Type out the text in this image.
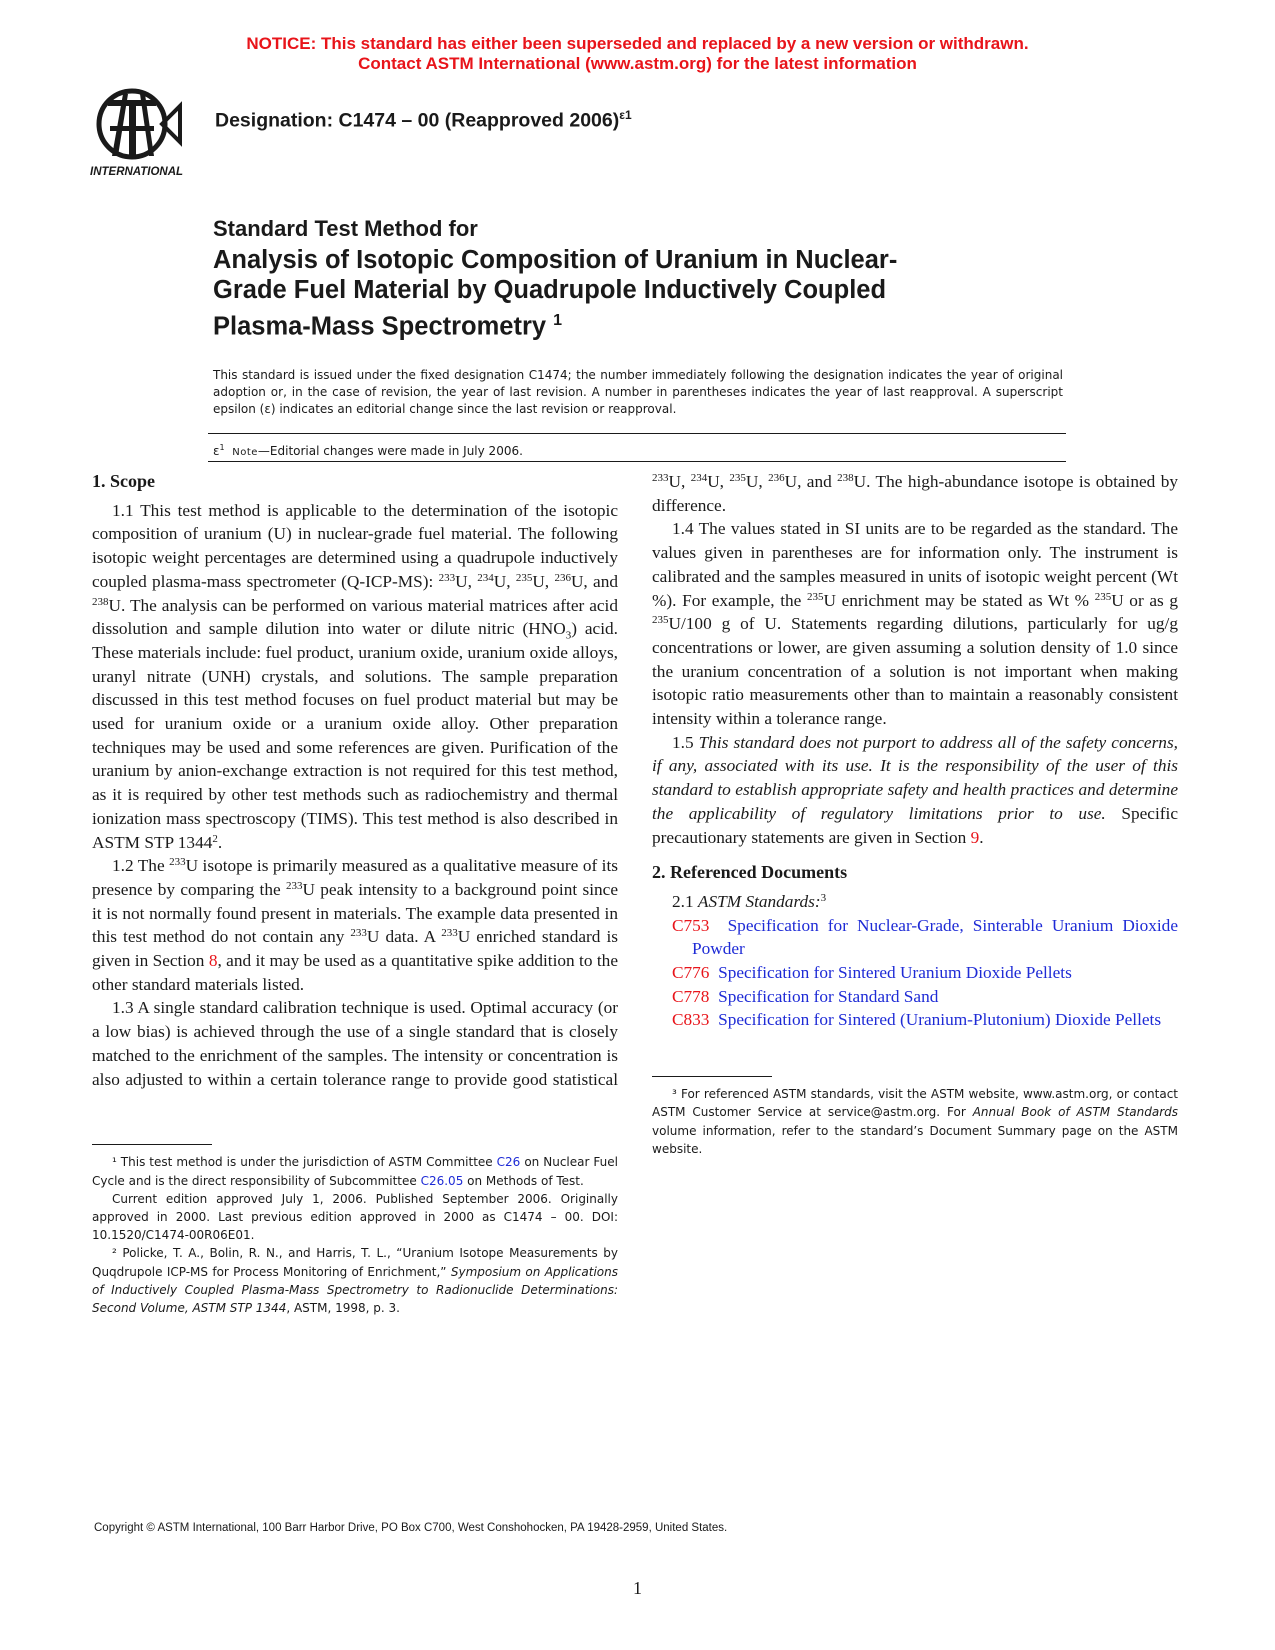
NOTICE: This standard has either been superseded and replaced by a new version or withdrawn.
Contact ASTM International (www.astm.org) for the latest information
INTERNATIONAL
Designation: C1474 – 00 (Reapproved 2006)$^{\varepsilon 1}$
Standard Test Method for
Analysis of Isotopic Composition of Uranium in Nuclear-
Grade Fuel Material by Quadrupole Inductively Coupled
Plasma-Mass Spectrometry $^1$
This standard is issued under the fixed designation C1474; the number immediately following the designation indicates the year of original adoption or, in the case of revision, the year of last revision. A number in parentheses indicates the year of last reapproval. A superscript epsilon (ε) indicates an editorial change since the last revision or reapproval.
$\varepsilon^1$ Note—Editorial changes were made in July 2006.

1. Scope

1.1 This test method is applicable to the determination of the isotopic composition of uranium (U) in nuclear-grade fuel material. The following isotopic weight percentages are determined using a quadrupole inductively coupled plasma-mass spectrometer (Q-ICP-MS): $^{233}$U, $^{234}$U, $^{235}$U, $^{236}$U, and $^{238}$U. The analysis can be performed on various material matrices after acid dissolution and sample dilution into water or dilute nitric $(HNO_3)$ acid. These materials include: fuel product, uranium oxide, uranium oxide alloys, uranyl nitrate (UNH) crystals, and solutions. The sample preparation discussed in this test method focuses on fuel product material but may be used for uranium oxide or a uranium oxide alloy. Other preparation techniques may be used and some references are given. Purification of the uranium by anion-exchange extraction is not required for this test method, as it is required by other test methods such as radiochemistry and thermal ionization mass spectroscopy (TIMS). This test method is also described in ASTM STP 1344$^2$.

1.2 The $^{233}$U isotope is primarily measured as a qualitative measure of its presence by comparing the $^{233}$U peak intensity to a background point since it is not normally found present in materials. The example data presented in this test method do not contain any $^{233}$U data. A $^{233}$U enriched standard is given in Section 8, and it may be used as a quantitative spike addition to the other standard materials listed.

1.3 A single standard calibration technique is used. Optimal accuracy (or a low bias) is achieved through the use of a single standard that is closely matched to the enrichment of the samples. The intensity or concentration is also adjusted to within a certain tolerance range to provide good statistical

¹ This test method is under the jurisdiction of ASTM Committee C26 on Nuclear Fuel Cycle and is the direct responsibility of Subcommittee C26.05 on Methods of Test.

Current edition approved July 1, 2006. Published September 2006. Originally approved in 2000. Last previous edition approved in 2000 as C1474 – 00. DOI: 10.1520/C1474-00R06E01.

² Policke, T. A., Bolin, R. N., and Harris, T. L., “Uranium Isotope Measurements by Quqdrupole ICP-MS for Process Monitoring of Enrichment,” Symposium on Applications of Inductively Coupled Plasma-Mass Spectrometry to Radionuclide Determinations: Second Volume, ASTM STP 1344, ASTM, 1998, p. 3.

$^{233}$U, $^{234}$U, $^{235}$U, $^{236}$U, and $^{238}$U. The high-abundance isotope is obtained by difference.

1.4 The values stated in SI units are to be regarded as the standard. The values given in parentheses are for information only. The instrument is calibrated and the samples measured in units of isotopic weight percent (Wt %). For example, the $^{235}$U enrichment may be stated as Wt % $^{235}$U or as g $^{235}$U/100 g of U. Statements regarding dilutions, particularly for ug/g concentrations or lower, are given assuming a solution density of 1.0 since the uranium concentration of a solution is not important when making isotopic ratio measurements other than to maintain a reasonably consistent intensity within a tolerance range.

1.5 This standard does not purport to address all of the safety concerns, if any, associated with its use. It is the responsibility of the user of this standard to establish appropriate safety and health practices and determine the applicability of regulatory limitations prior to use. Specific precautionary statements are given in Section 9.

2. Referenced Documents

2.1 ASTM Standards:$^3$

C753  Specification for Nuclear-Grade, Sinterable Uranium Dioxide Powder

C776  Specification for Sintered Uranium Dioxide Pellets

C778  Specification for Standard Sand

C833  Specification for Sintered (Uranium-Plutonium) Dioxide Pellets

³ For referenced ASTM standards, visit the ASTM website, www.astm.org, or contact ASTM Customer Service at service@astm.org. For Annual Book of ASTM Standards volume information, refer to the standard’s Document Summary page on the ASTM website.

Copyright © ASTM International, 100 Barr Harbor Drive, PO Box C700, West Conshohocken, PA 19428-2959, United States.
1
